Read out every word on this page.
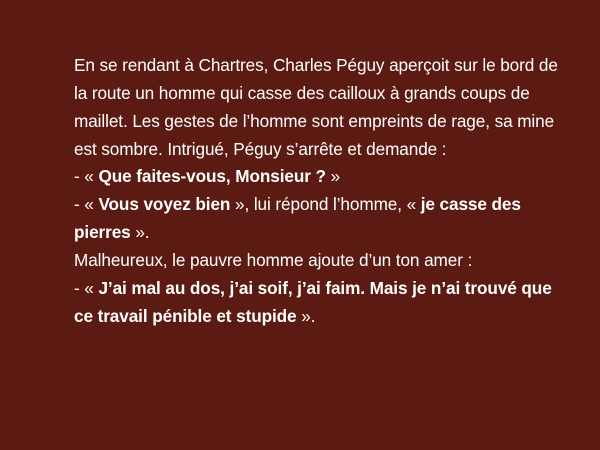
En se rendant à Chartres, Charles Péguy aperçoit sur le bord de la route un homme qui casse des cailloux à grands coups de maillet. Les gestes de l’homme sont empreints de rage, sa mine est sombre. Intrigué, Péguy s’arrête et demande :
- « Que faites-vous, Monsieur ? »
- « Vous voyez bien », lui répond l’homme, « je casse des pierres ».
Malheureux, le pauvre homme ajoute d’un ton amer :
- « J’ai mal au dos, j’ai soif, j’ai faim. Mais je n’ai trouvé que ce travail pénible et stupide ».
